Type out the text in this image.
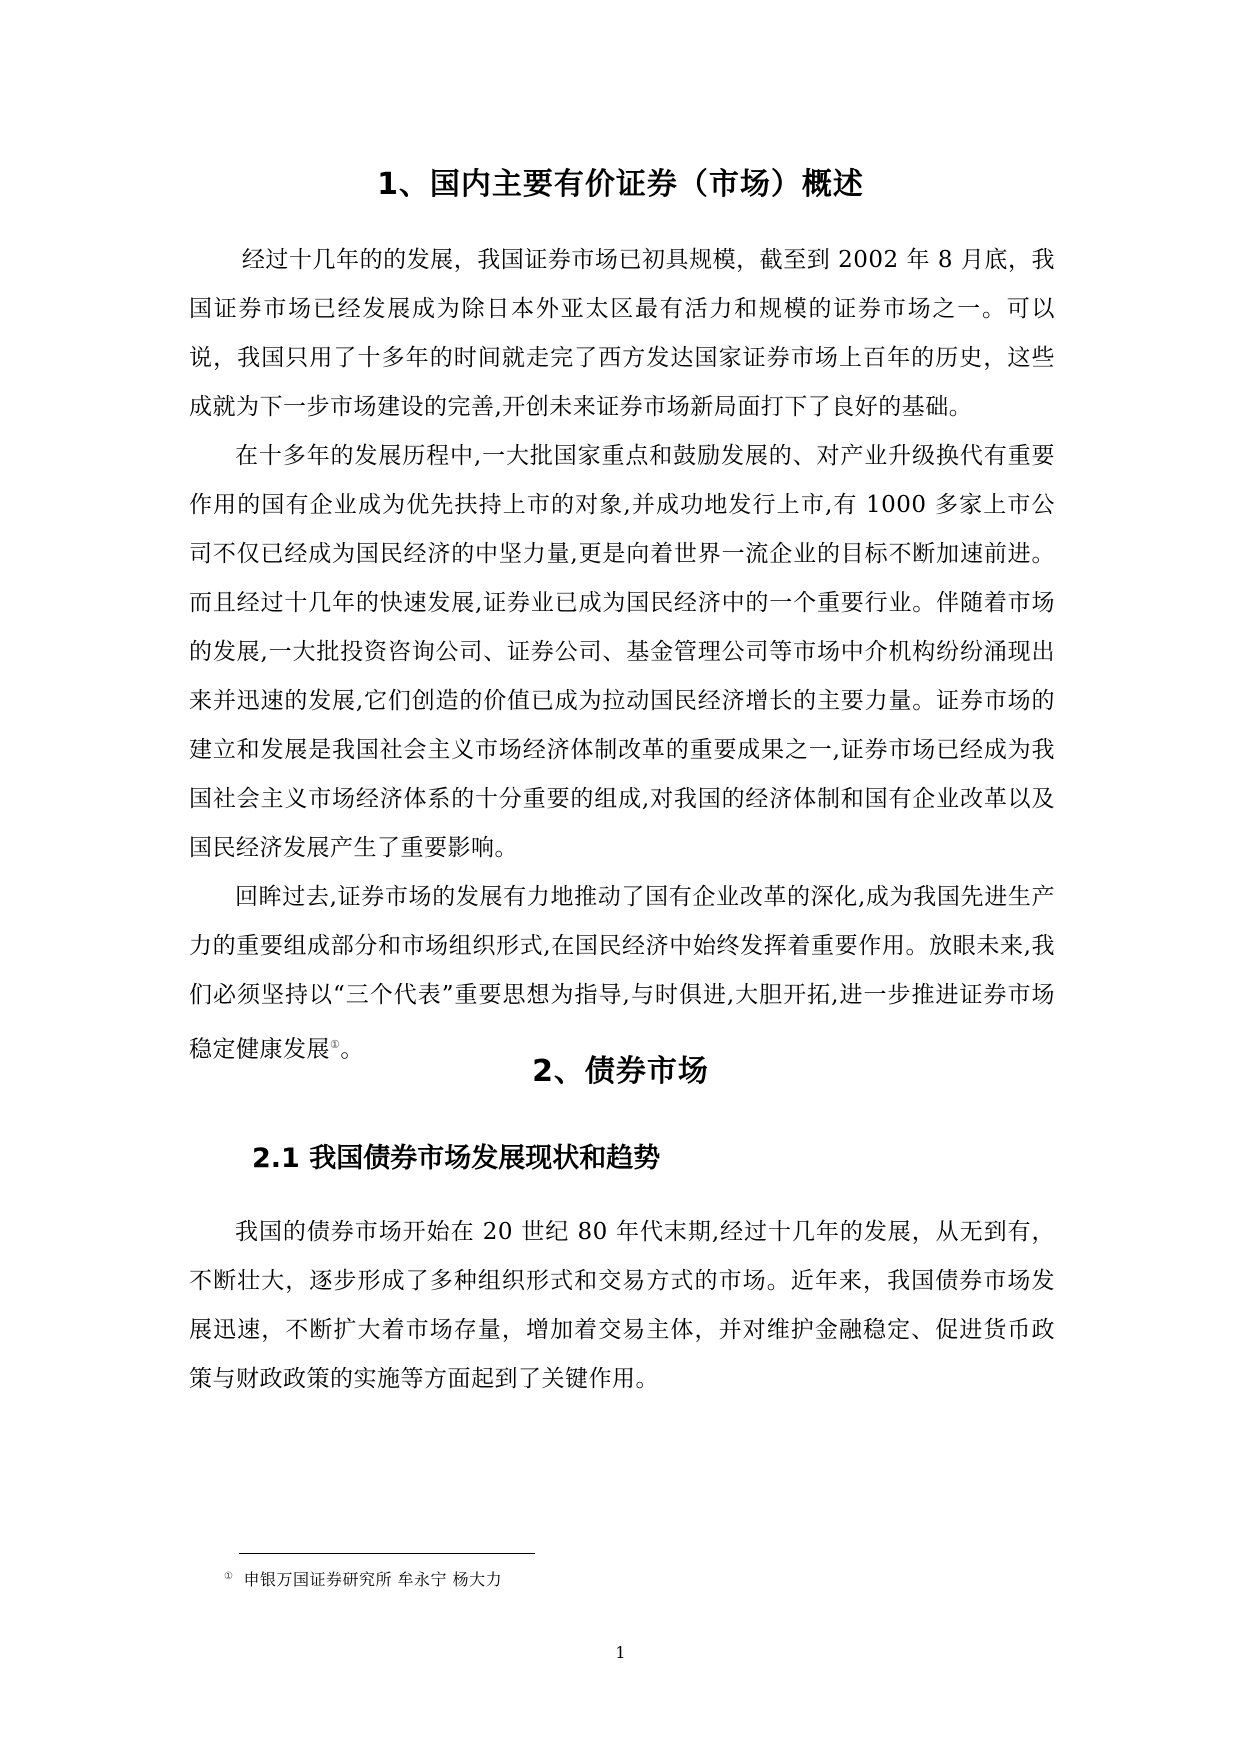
1、国内主要有价证券（市场）概述

经过十几年的的发展，我国证券市场已初具规模，截至到 2002 年 8 月底，我国证券市场已经发展成为除日本外亚太区最有活力和规模的证券市场之一。可以说，我国只用了十多年的时间就走完了西方发达国家证券市场上百年的历史，这些成就为下一步市场建设的完善,开创未来证券市场新局面打下了良好的基础。

在十多年的发展历程中,一大批国家重点和鼓励发展的、对产业升级换代有重要作用的国有企业成为优先扶持上市的对象,并成功地发行上市,有 1000 多家上市公司不仅已经成为国民经济的中坚力量,更是向着世界一流企业的目标不断加速前进。而且经过十几年的快速发展,证券业已成为国民经济中的一个重要行业。伴随着市场的发展,一大批投资咨询公司、证券公司、基金管理公司等市场中介机构纷纷涌现出来并迅速的发展,它们创造的价值已成为拉动国民经济增长的主要力量。证券市场的建立和发展是我国社会主义市场经济体制改革的重要成果之一,证券市场已经成为我国社会主义市场经济体系的十分重要的组成,对我国的经济体制和国有企业改革以及国民经济发展产生了重要影响。

回眸过去,证券市场的发展有力地推动了国有企业改革的深化,成为我国先进生产力的重要组成部分和市场组织形式,在国民经济中始终发挥着重要作用。放眼未来,我们必须坚持以“三个代表”重要思想为指导,与时俱进,大胆开拓,进一步推进证券市场稳定健康发展①。

2、债券市场
2.1 我国债券市场发展现状和趋势

我国的债券市场开始在 20 世纪 80 年代末期,经过十几年的发展，从无到有，不断壮大，逐步形成了多种组织形式和交易方式的市场。近年来，我国债券市场发展迅速，不断扩大着市场存量，增加着交易主体，并对维护金融稳定、促进货币政策与财政政策的实施等方面起到了关键作用。

① 申银万国证券研究所 牟永宁 杨大力
1
